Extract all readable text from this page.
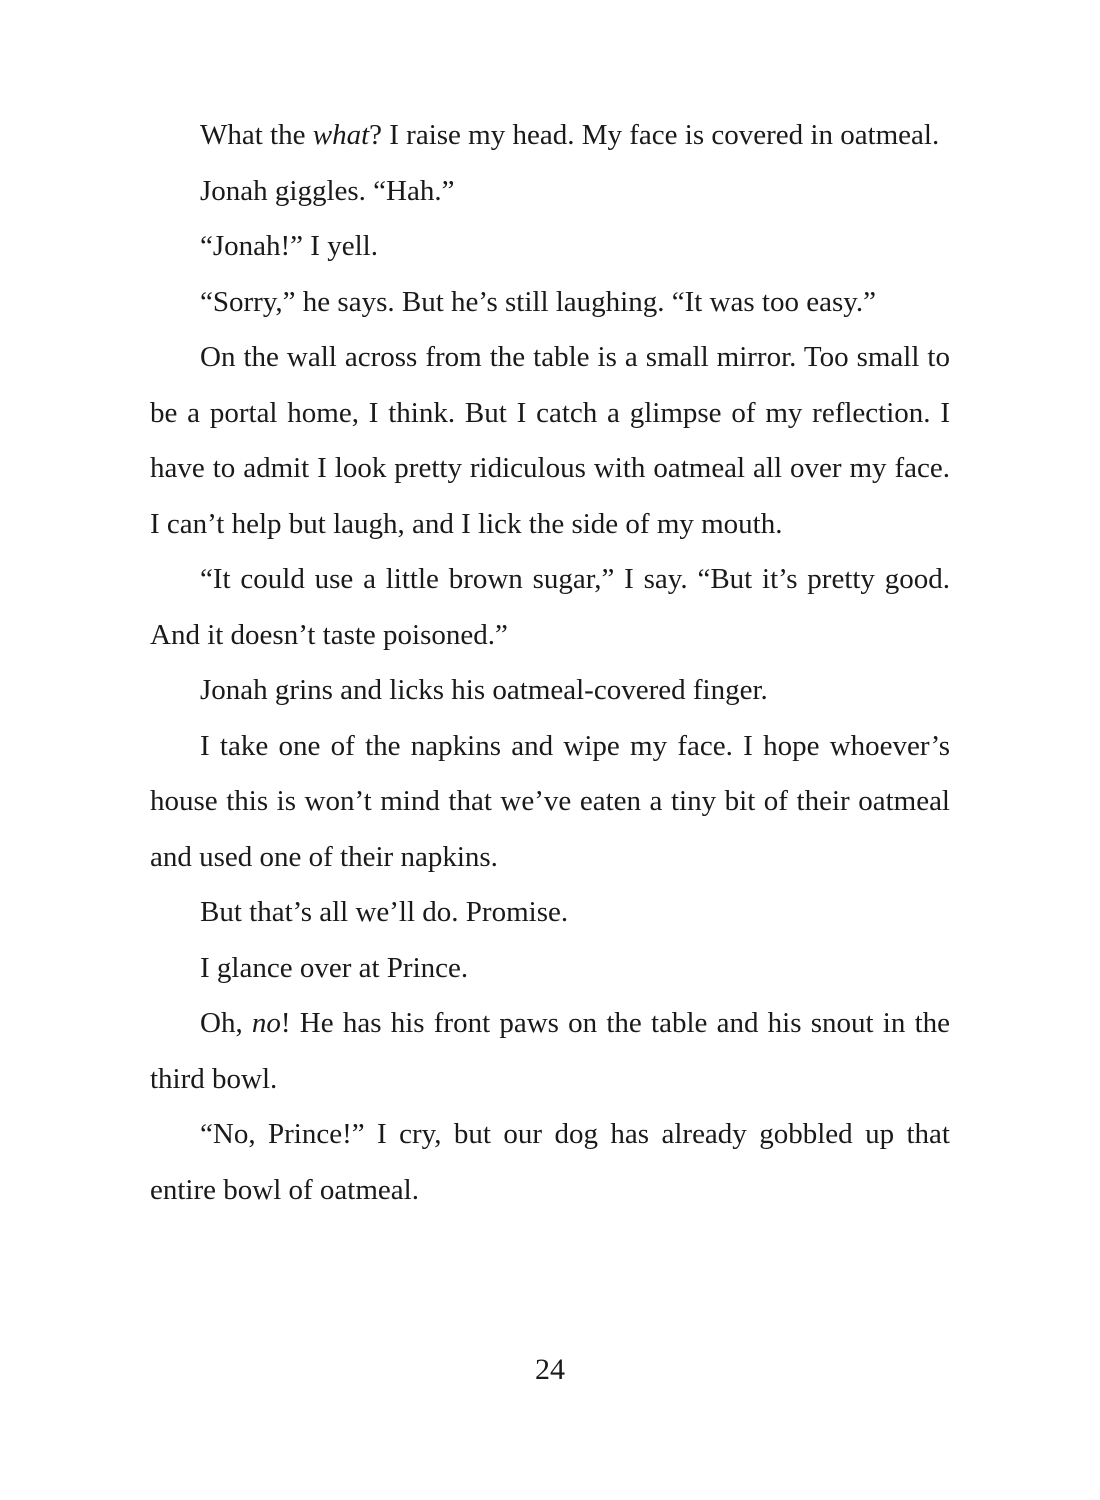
What the what? I raise my head. My face is covered in oatmeal.

Jonah giggles. “Hah.”

“Jonah!” I yell.

“Sorry,” he says. But he’s still laughing. “It was too easy.”

On the wall across from the table is a small mirror. Too small to be a portal home, I think. But I catch a glimpse of my reflection. I have to admit I look pretty ridiculous with oatmeal all over my face. I can’t help but laugh, and I lick the side of my mouth.

“It could use a little brown sugar,” I say. “But it’s pretty good. And it doesn’t taste poisoned.”

Jonah grins and licks his oatmeal-covered finger.

I take one of the napkins and wipe my face. I hope whoever’s house this is won’t mind that we’ve eaten a tiny bit of their oatmeal and used one of their napkins.

But that’s all we’ll do. Promise.

I glance over at Prince.

Oh, no! He has his front paws on the table and his snout in the third bowl.

“No, Prince!” I cry, but our dog has already gobbled up that entire bowl of oatmeal.

24
